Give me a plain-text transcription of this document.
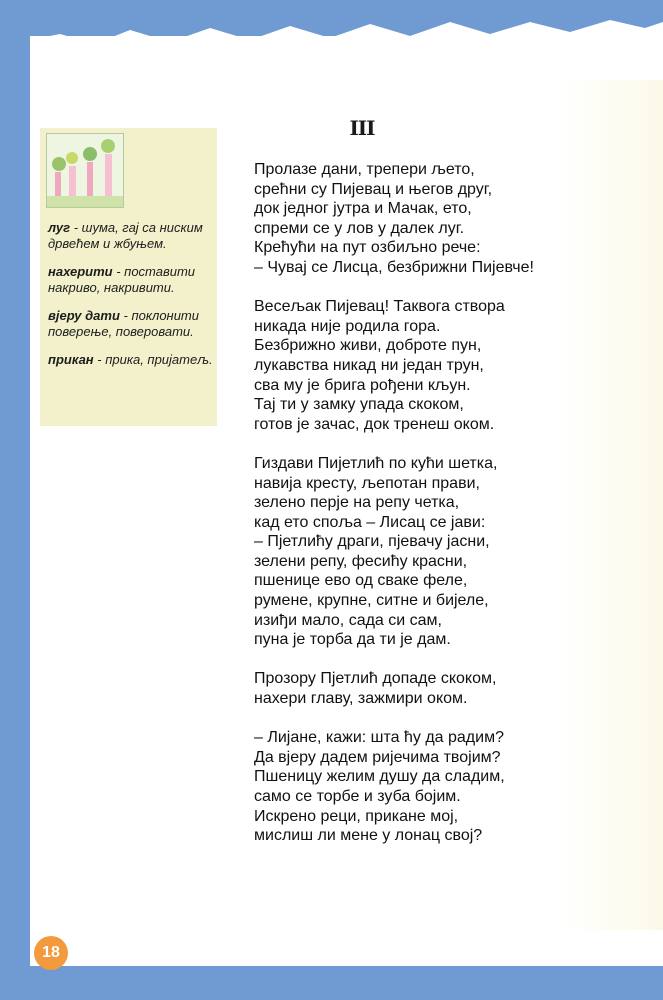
луг - шума, гај са ниским дрвећем и жбуњем.

нахерити - поставити накриво, накривити.

вјеру дати - поклонити поверење, поверовати.

прикан - прика, пријатељ.

III
Пролазе дани, трепери љето,
срећни су Пијевац и његов друг,
док једног јутра и Мачак, ето,
спреми се у лов у далек луг.
Крећући на пут озбиљно рече:
– Чувај се Лисца, безбрижни Пијевче!
Весељак Пијевац! Таквога створа
никада није родила гора.
Безбрижно живи, доброте пун,
лукавства никад ни један трун,
сва му је брига рођени кљун.
Тај ти у замку упада скоком,
готов је зачас, док тренеш оком.
Гиздави Пијетлић по кући шетка,
навија кресту, љепотан прави,
зелено перје на репу четка,
кад ето споља – Лисац се јави:
– Пјетлићу драги, пјевачу јасни,
зелени репу, фесићу красни,
пшенице ево од сваке феле,
румене, крупне, ситне и бијеле,
изиђи мало, сада си сам,
пуна је торба да ти је дам.
Прозору Пјетлић допаде скоком,
нахери главу, зажмири оком.
– Лијане, кажи: шта ћу да радим?
Да вјеру дадем ријечима твојим?
Пшеницу желим душу да сладим,
само се торбе и зуба бојим.
Искрено реци, прикане мој,
мислиш ли мене у лонац свој?
18
